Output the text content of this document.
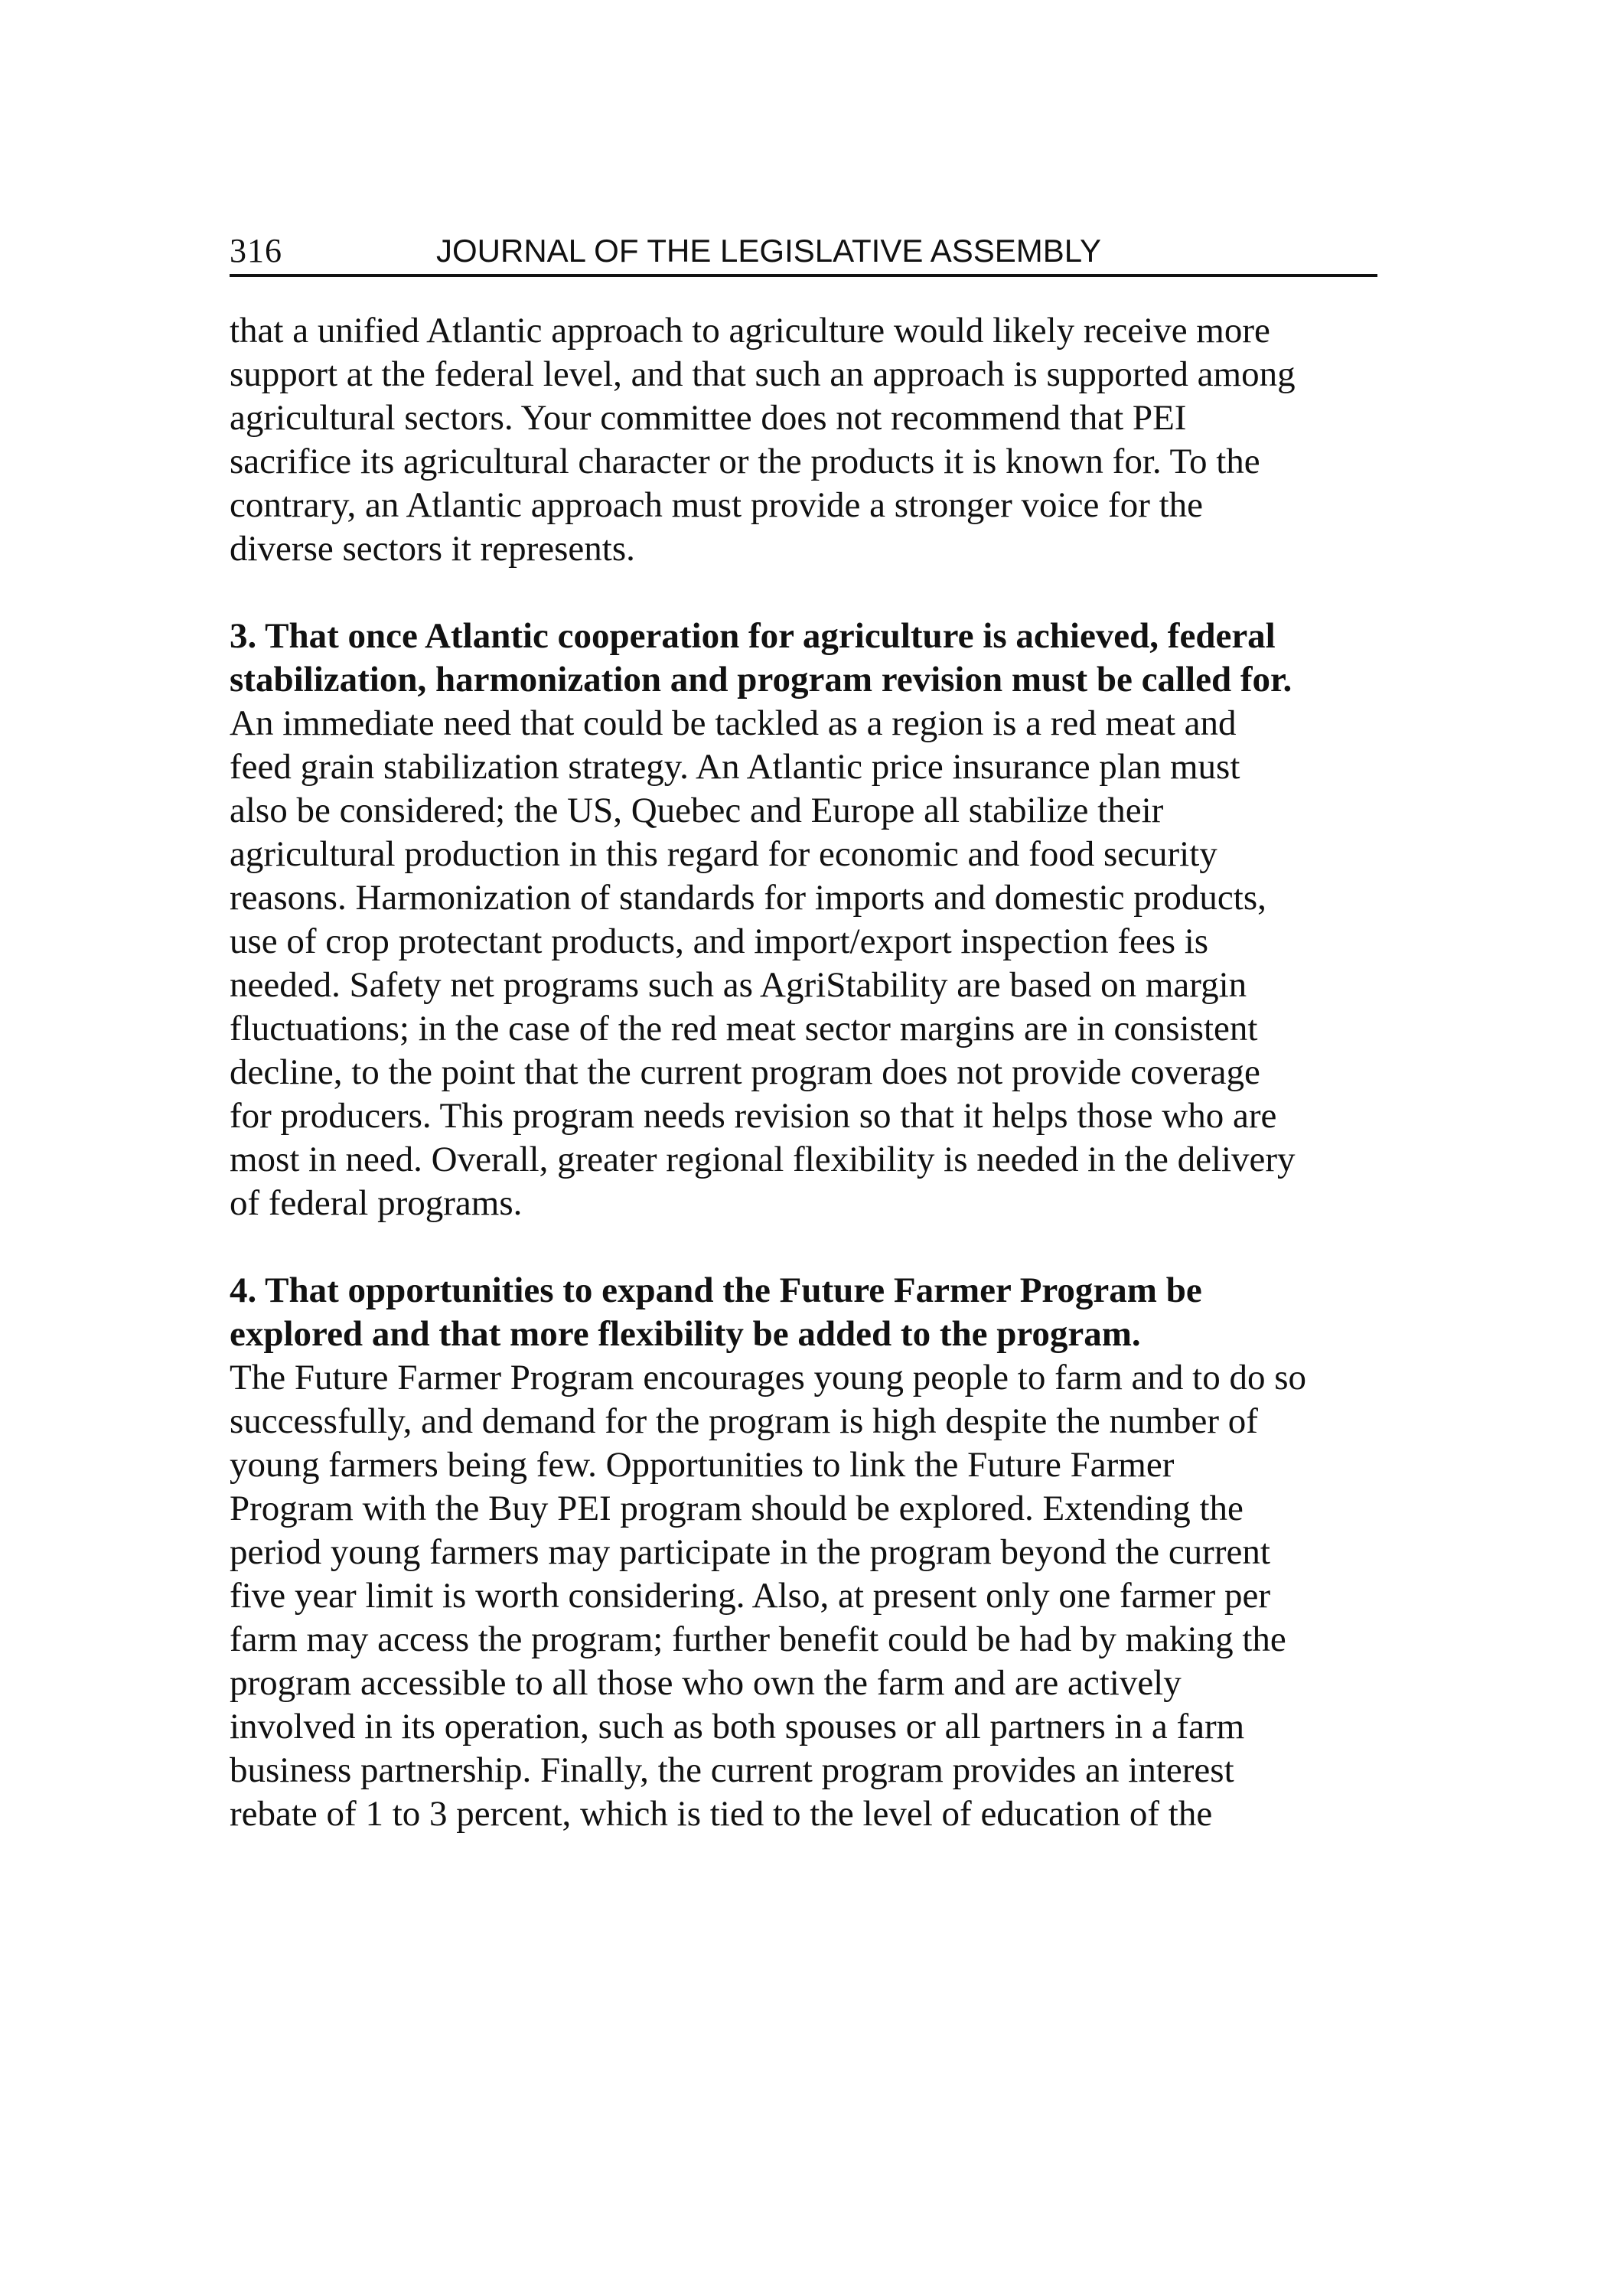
316	JOURNAL OF THE LEGISLATIVE ASSEMBLY

that a unified Atlantic approach to agriculture would likely receive more
support at the federal level, and that such an approach is supported among
agricultural sectors. Your committee does not recommend that PEI
sacrifice its agricultural character or the products it is known for. To the
contrary, an Atlantic approach must provide a stronger voice for the
diverse sectors it represents.

3. That once Atlantic cooperation for agriculture is achieved, federal
stabilization, harmonization and program revision must be called for.

An immediate need that could be tackled as a region is a red meat and
feed grain stabilization strategy. An Atlantic price insurance plan must
also be considered; the US, Quebec and Europe all stabilize their
agricultural production in this regard for economic and food security
reasons. Harmonization of standards for imports and domestic products,
use of crop protectant products, and import/export inspection fees is
needed. Safety net programs such as AgriStability are based on margin
fluctuations; in the case of the red meat sector margins are in consistent
decline, to the point that the current program does not provide coverage
for producers. This program needs revision so that it helps those who are
most in need. Overall, greater regional flexibility is needed in the delivery
of federal programs.

4. That opportunities to expand the Future Farmer Program be
explored and that more flexibility be added to the program.

The Future Farmer Program encourages young people to farm and to do so
successfully, and demand for the program is high despite the number of
young farmers being few. Opportunities to link the Future Farmer
Program with the Buy PEI program should be explored. Extending the
period young farmers may participate in the program beyond the current
five year limit is worth considering. Also, at present only one farmer per
farm may access the program; further benefit could be had by making the
program accessible to all those who own the farm and are actively
involved in its operation, such as both spouses or all partners in a farm
business partnership. Finally, the current program provides an interest
rebate of 1 to 3 percent, which is tied to the level of education of the
